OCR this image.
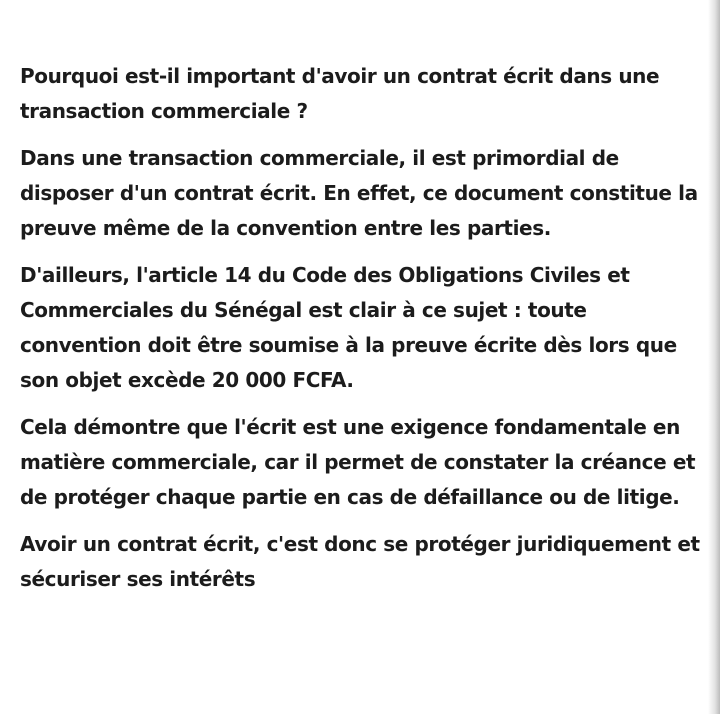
Pourquoi est-il important d'avoir un contrat écrit dans une transaction commerciale ?

Dans une transaction commerciale, il est primordial de disposer d'un contrat écrit. En effet, ce document constitue la preuve même de la convention entre les parties.

D'ailleurs, l'article 14 du Code des Obligations Civiles et Commerciales du Sénégal est clair à ce sujet : toute convention doit être soumise à la preuve écrite dès lors que son objet excède 20 000 FCFA.

Cela démontre que l'écrit est une exigence fondamentale en matière commerciale, car il permet de constater la créance et de protéger chaque partie en cas de défaillance ou de litige.

Avoir un contrat écrit, c'est donc se protéger juridiquement et sécuriser ses intérêts
